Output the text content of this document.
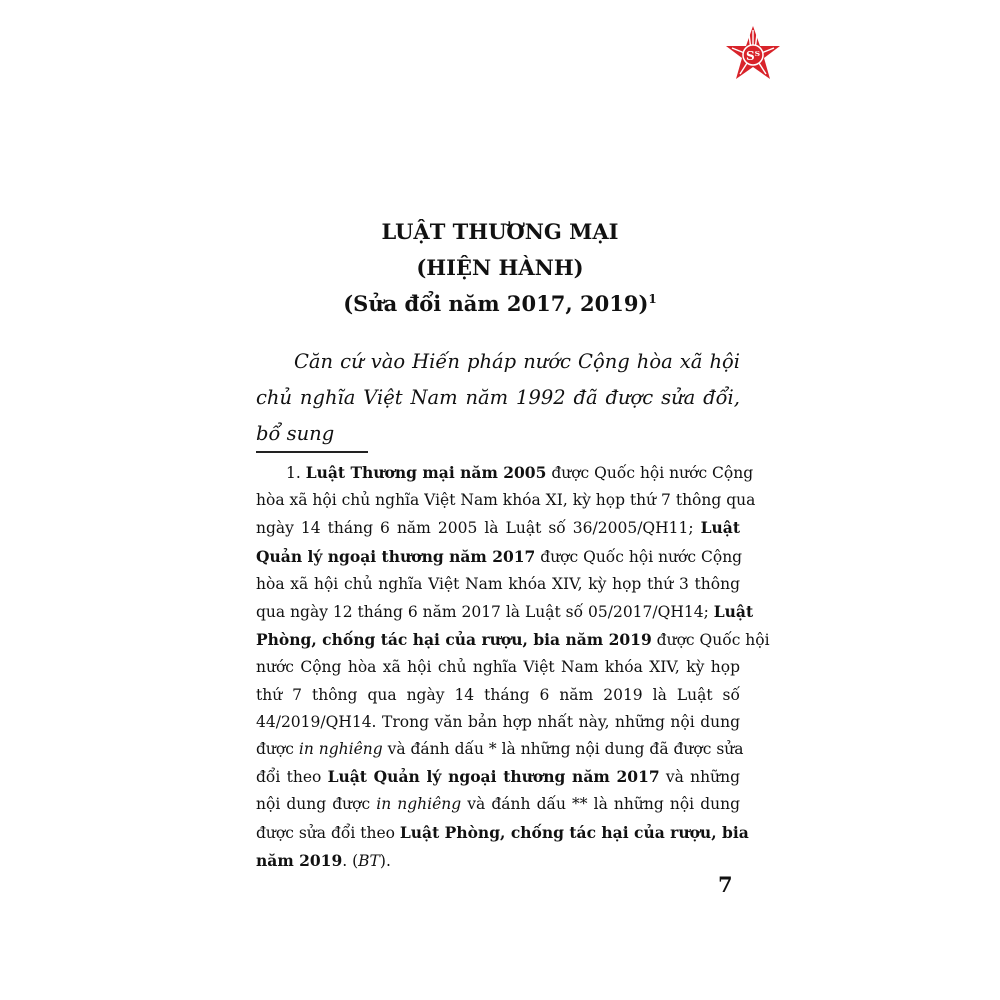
Sᵀ
LUẬT THƯƠNG MẠI
(HIỆN HÀNH)
(Sửa đổi năm 2017, 2019)$^1$
Căn cứ vào Hiến pháp nước Cộng hòa xã hội chủ nghĩa Việt Nam năm 1992 đã được sửa đổi, bổ sung
1. Luật Thương mại năm 2005 được Quốc hội nước Cộng
hòa xã hội chủ nghĩa Việt Nam khóa XI, kỳ họp thứ 7 thông qua
ngày 14 tháng 6 năm 2005 là Luật số 36/2005/QH11; Luật
Quản lý ngoại thương năm 2017 được Quốc hội nước Cộng
hòa xã hội chủ nghĩa Việt Nam khóa XIV, kỳ họp thứ 3 thông
qua ngày 12 tháng 6 năm 2017 là Luật số 05/2017/QH14; Luật
Phòng, chống tác hại của rượu, bia năm 2019 được Quốc hội
nước Cộng hòa xã hội chủ nghĩa Việt Nam khóa XIV, kỳ họp
thứ 7 thông qua ngày 14 tháng 6 năm 2019 là Luật số
44/2019/QH14. Trong văn bản hợp nhất này, những nội dung
được in nghiêng và đánh dấu * là những nội dung đã được sửa
đổi theo Luật Quản lý ngoại thương năm 2017 và những
nội dung được in nghiêng và đánh dấu ** là những nội dung
được sửa đổi theo Luật Phòng, chống tác hại của rượu, bia
năm 2019. (BT).
7
